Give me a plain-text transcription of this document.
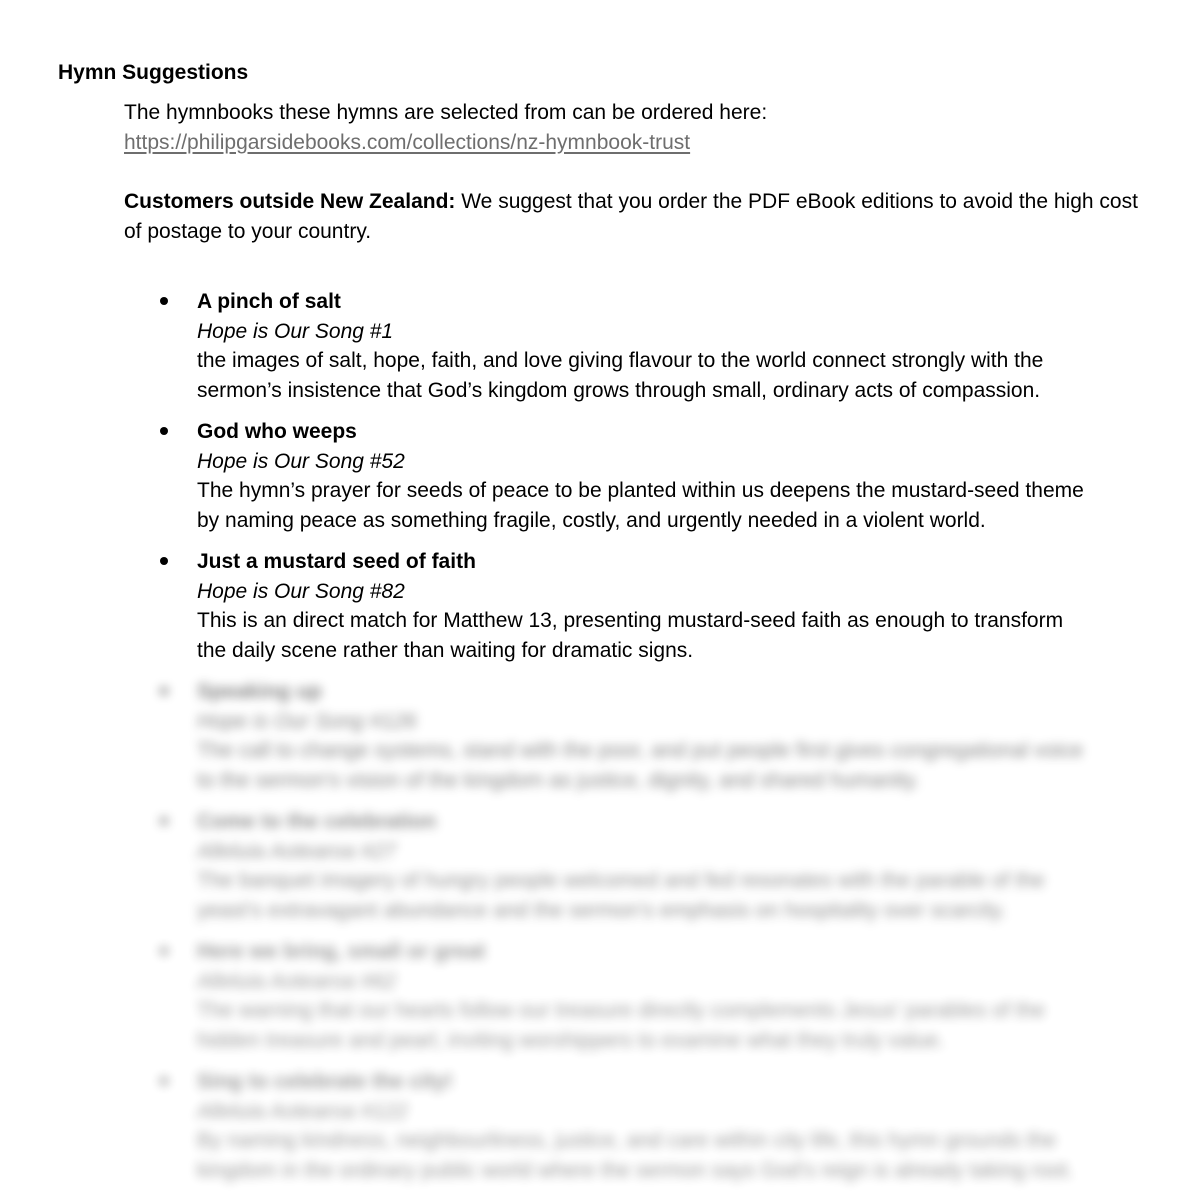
Hymn Suggestions
The hymnbooks these hymns are selected from can be ordered here:
https://philipgarsidebooks.com/collections/nz-hymnbook-trust
Customers outside New Zealand: We suggest that you order the PDF eBook editions to avoid the high cost of postage to your country.
A pinch of salt
Hope is Our Song #1
the images of salt, hope, faith, and love giving flavour to the world connect strongly with the
sermon’s insistence that God’s kingdom grows through small, ordinary acts of compassion.
God who weeps
Hope is Our Song #52
The hymn’s prayer for seeds of peace to be planted within us deepens the mustard-seed theme
by naming peace as something fragile, costly, and urgently needed in a violent world.
Just a mustard seed of faith
Hope is Our Song #82
This is an direct match for Matthew 13, presenting mustard-seed faith as enough to transform
the daily scene rather than waiting for dramatic signs.
Speaking up
Hope is Our Song #126
The call to change systems, stand with the poor, and put people first gives congregational voice
to the sermon’s vision of the kingdom as justice, dignity, and shared humanity.
Come to the celebration
Alleluia Aotearoa #27
The banquet imagery of hungry people welcomed and fed resonates with the parable of the
yeast’s extravagant abundance and the sermon’s emphasis on hospitality over scarcity.
Here we bring, small or great
Alleluia Aotearoa #62
The warning that our hearts follow our treasure directly complements Jesus’ parables of the
hidden treasure and pearl, inviting worshippers to examine what they truly value.
Sing to celebrate the city!
Alleluia Aotearoa #122
By naming kindness, neighbourliness, justice, and care within city life, this hymn grounds the
kingdom in the ordinary public world where the sermon says God’s reign is already taking root.
